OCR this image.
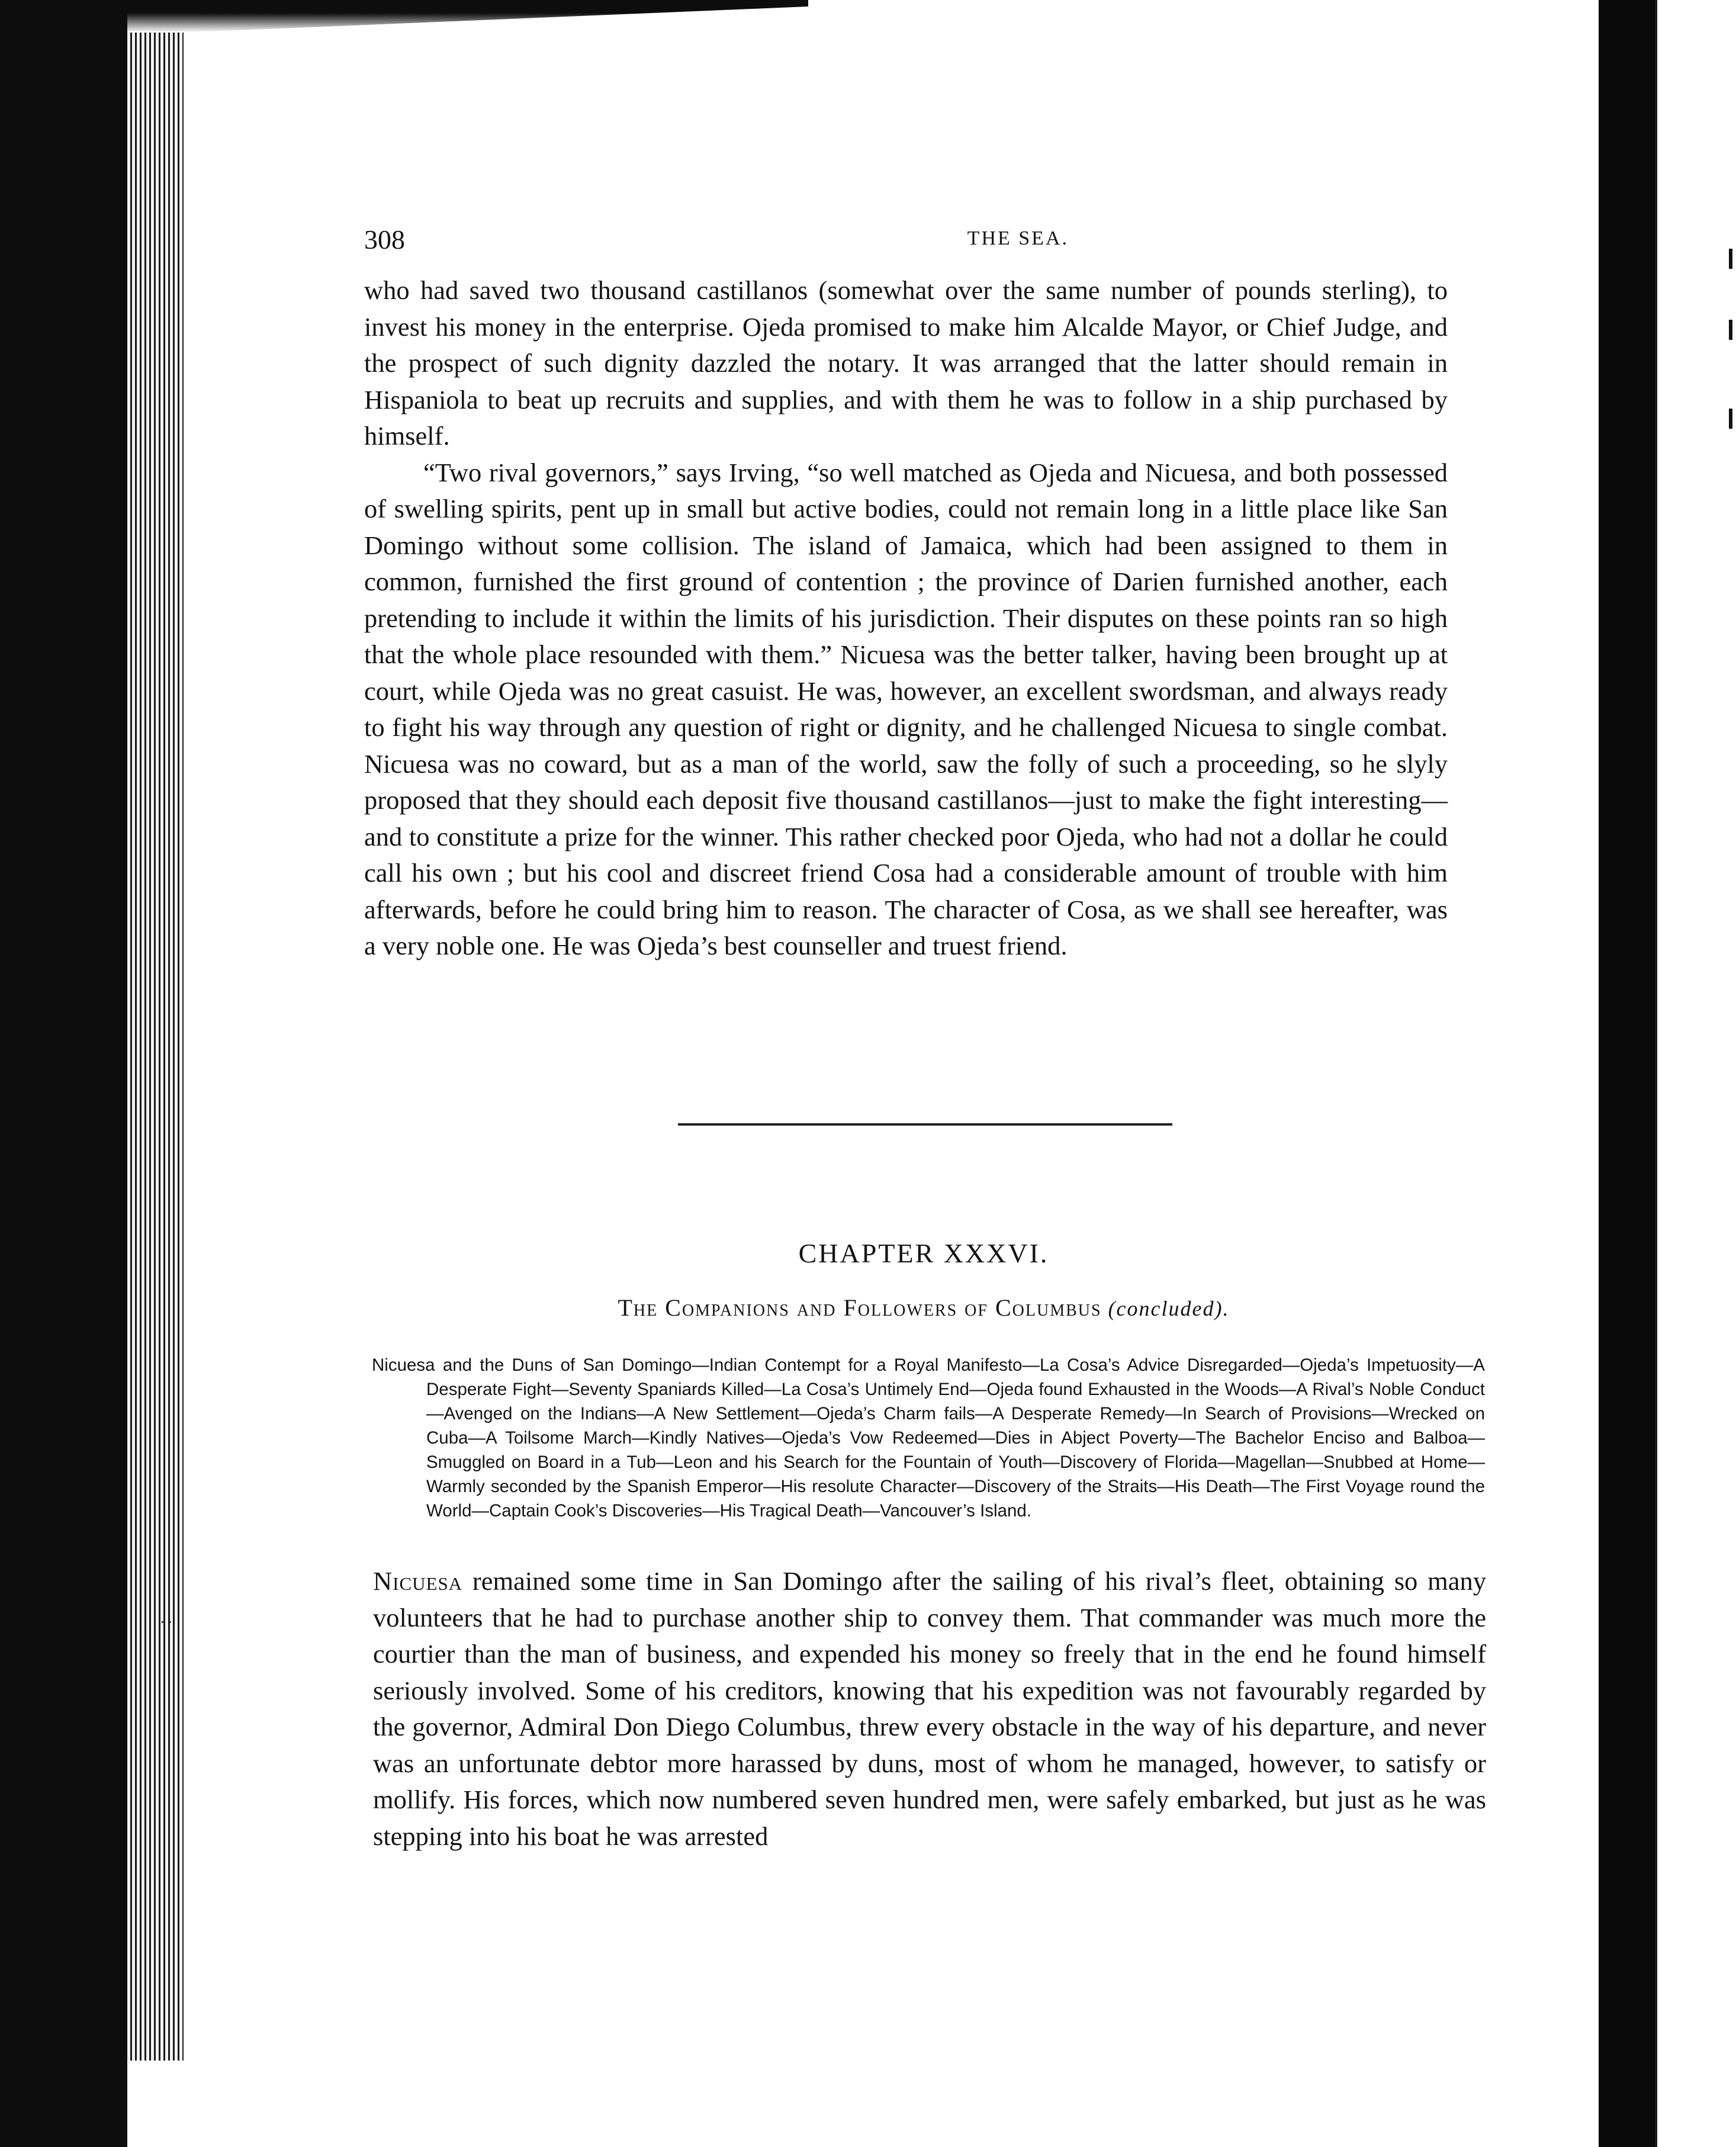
··
308	THE SEA.

who had saved two thousand castillanos (somewhat over the same number of pounds sterling), to invest his money in the enterprise. Ojeda promised to make him Alcalde Mayor, or Chief Judge, and the prospect of such dignity dazzled the notary. It was arranged that the latter should remain in Hispaniola to beat up recruits and supplies, and with them he was to follow in a ship purchased by himself.

“Two rival governors,” says Irving, “so well matched as Ojeda and Nicuesa, and both possessed of swelling spirits, pent up in small but active bodies, could not remain long in a little place like San Domingo without some collision. The island of Jamaica, which had been assigned to them in common, furnished the first ground of contention ; the province of Darien furnished another, each pretending to include it within the limits of his jurisdiction. Their disputes on these points ran so high that the whole place resounded with them.” Nicuesa was the better talker, having been brought up at court, while Ojeda was no great casuist. He was, however, an excellent swordsman, and always ready to fight his way through any question of right or dignity, and he challenged Nicuesa to single combat. Nicuesa was no coward, but as a man of the world, saw the folly of such a proceeding, so he slyly proposed that they should each deposit five thousand castillanos—just to make the fight interesting—and to constitute a prize for the winner. This rather checked poor Ojeda, who had not a dollar he could call his own ; but his cool and discreet friend Cosa had a considerable amount of trouble with him afterwards, before he could bring him to reason. The character of Cosa, as we shall see hereafter, was a very noble one. He was Ojeda’s best counseller and truest friend.

CHAPTER XXXVI.
The Companions and Followers of Columbus (concluded).
Nicuesa and the Duns of San Domingo—Indian Contempt for a Royal Manifesto—La Cosa’s Advice Disregarded—Ojeda’s Impetuosity—A Desperate Fight—Seventy Spaniards Killed—La Cosa’s Untimely End—Ojeda found Exhausted in the Woods—A Rival’s Noble Conduct—Avenged on the Indians—A New Settlement—Ojeda’s Charm fails—A Desperate Remedy—In Search of Provisions—Wrecked on Cuba—A Toilsome March—Kindly Natives—Ojeda’s Vow Redeemed—Dies in Abject Poverty—The Bachelor Enciso and Balboa—Smuggled on Board in a Tub—Leon and his Search for the Fountain of Youth—Discovery of Florida—Magellan—Snubbed at Home—Warmly seconded by the Spanish Emperor—His resolute Character—Discovery of the Straits—His Death—The First Voyage round the World—Captain Cook’s Discoveries—His Tragical Death—Vancouver’s Island.

Nicuesa remained some time in San Domingo after the sailing of his rival’s fleet, obtaining so many volunteers that he had to purchase another ship to convey them. That commander was much more the courtier than the man of business, and expended his money so freely that in the end he found himself seriously involved. Some of his creditors, knowing that his expedition was not favourably regarded by the governor, Admiral Don Diego Columbus, threw every obstacle in the way of his departure, and never was an unfortunate debtor more harassed by duns, most of whom he managed, however, to satisfy or mollify. His forces, which now numbered seven hundred men, were safely embarked, but just as he was stepping into his boat he was arrested
